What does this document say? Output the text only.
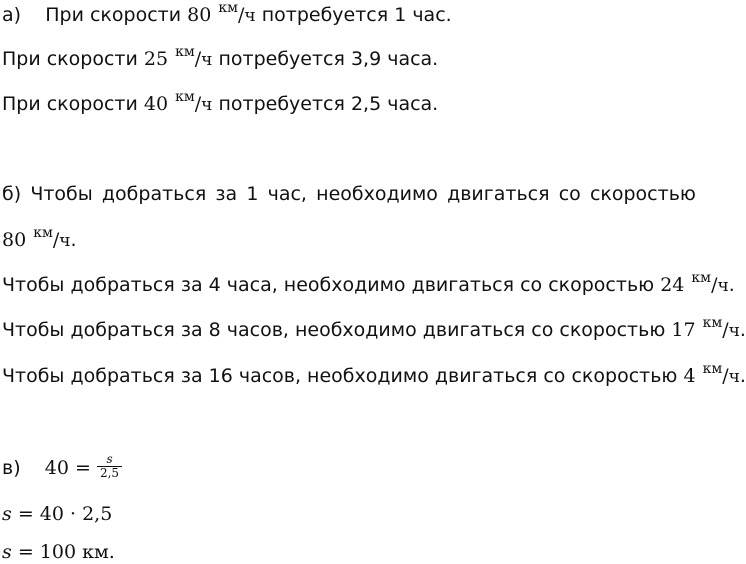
а) При скорости 80 $^{км}$/ч потребуется 1 час.
При скорости 25 $^{км}$/ч потребуется 3,9 часа.
При скорости 40 $^{км}$/ч потребуется 2,5 часа.
б) Чтобы добраться за 1 час, необходимо двигаться со скоростью
80 $^{км}$/ч.
Чтобы добраться за 4 часа, необходимо двигаться со скоростью 24 $^{км}$/ч.
Чтобы добраться за 8 часов, необходимо двигаться со скоростью 17 $^{км}$/ч.
Чтобы добраться за 16 часов, необходимо двигаться со скоростью 4 $^{км}$/ч.
в) $40 = \frac{s}{2,5}$
s = 40 · 2,5
s = 100 км.
